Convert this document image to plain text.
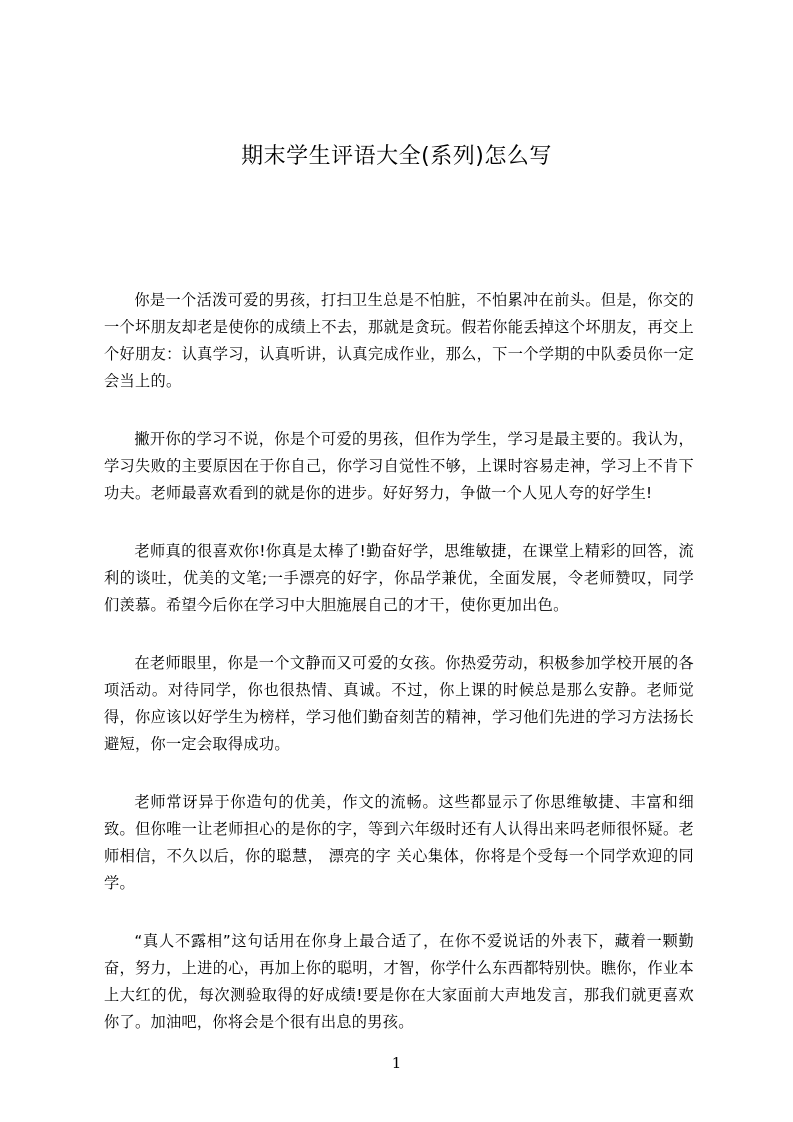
期末学生评语大全(系列)怎么写

你是一个活泼可爱的男孩，打扫卫生总是不怕脏，不怕累冲在前头。但是，你交的一个坏朋友却老是使你的成绩上不去，那就是贪玩。假若你能丢掉这个坏朋友，再交上个好朋友：认真学习，认真听讲，认真完成作业，那么，下一个学期的中队委员你一定会当上的。

撇开你的学习不说，你是个可爱的男孩，但作为学生，学习是最主要的。我认为，学习失败的主要原因在于你自己，你学习自觉性不够，上课时容易走神，学习上不肯下功夫。老师最喜欢看到的就是你的进步。好好努力，争做一个人见人夸的好学生!

老师真的很喜欢你!你真是太棒了!勤奋好学，思维敏捷，在课堂上精彩的回答，流利的谈吐，优美的文笔;一手漂亮的好字，你品学兼优，全面发展，令老师赞叹，同学们羡慕。希望今后你在学习中大胆施展自己的才干，使你更加出色。

在老师眼里，你是一个文静而又可爱的女孩。你热爱劳动，积极参加学校开展的各项活动。对待同学，你也很热情、真诚。不过，你上课的时候总是那么安静。老师觉得，你应该以好学生为榜样，学习他们勤奋刻苦的精神，学习他们先进的学习方法扬长避短，你一定会取得成功。

老师常讶异于你造句的优美，作文的流畅。这些都显示了你思维敏捷、丰富和细致。但你唯一让老师担心的是你的字，等到六年级时还有人认得出来吗老师很怀疑。老师相信，不久以后，你的聪慧， 漂亮的字 关心集体，你将是个受每一个同学欢迎的同学。

“真人不露相”这句话用在你身上最合适了，在你不爱说话的外表下，藏着一颗勤奋，努力，上进的心，再加上你的聪明，才智，你学什么东西都特别快。瞧你，作业本上大红的优，每次测验取得的好成绩!要是你在大家面前大声地发言，那我们就更喜欢你了。加油吧，你将会是个很有出息的男孩。

1
